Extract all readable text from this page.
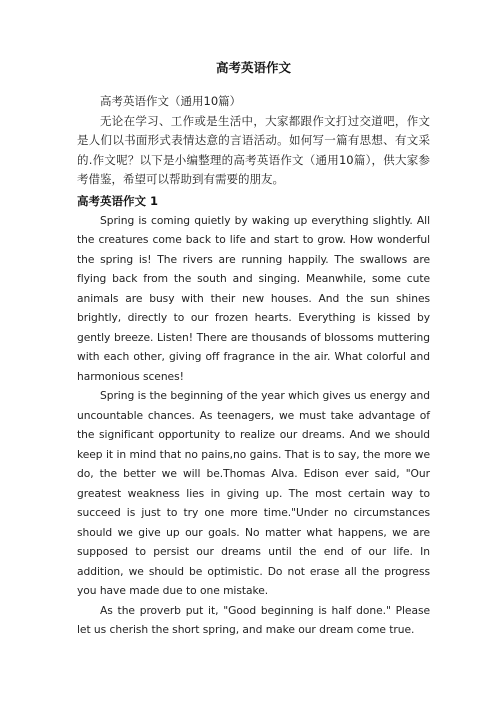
高考英语作文

高考英语作文（通用10篇）

无论在学习、工作或是生活中，大家都跟作文打过交道吧，作文是人们以书面形式表情达意的言语活动。如何写一篇有思想、有文采的.作文呢？以下是小编整理的高考英语作文（通用10篇），供大家参考借鉴，希望可以帮助到有需要的朋友。

高考英语作文 1

Spring is coming quietly by waking up everything slightly. All the creatures come back to life and start to grow. How wonderful the spring is! The rivers are running happily. The swallows are flying back from the south and singing. Meanwhile, some cute animals are busy with their new houses. And the sun shines brightly, directly to our frozen hearts. Everything is kissed by gently breeze. Listen! There are thousands of blossoms muttering with each other, giving off fragrance in the air. What colorful and harmonious scenes!

Spring is the beginning of the year which gives us energy and uncountable chances. As teenagers, we must take advantage of the significant opportunity to realize our dreams. And we should keep it in mind that no pains,no gains. That is to say, the more we do, the better we will be.Thomas Alva. Edison ever said, "Our greatest weakness lies in giving up. The most certain way to succeed is just to try one more time."Under no circumstances should we give up our goals. No matter what happens, we are supposed to persist our dreams until the end of our life. In addition, we should be optimistic. Do not erase all the progress you have made due to one mistake.

As the proverb put it, "Good beginning is half done." Please let us cherish the short spring, and make our dream come true.
